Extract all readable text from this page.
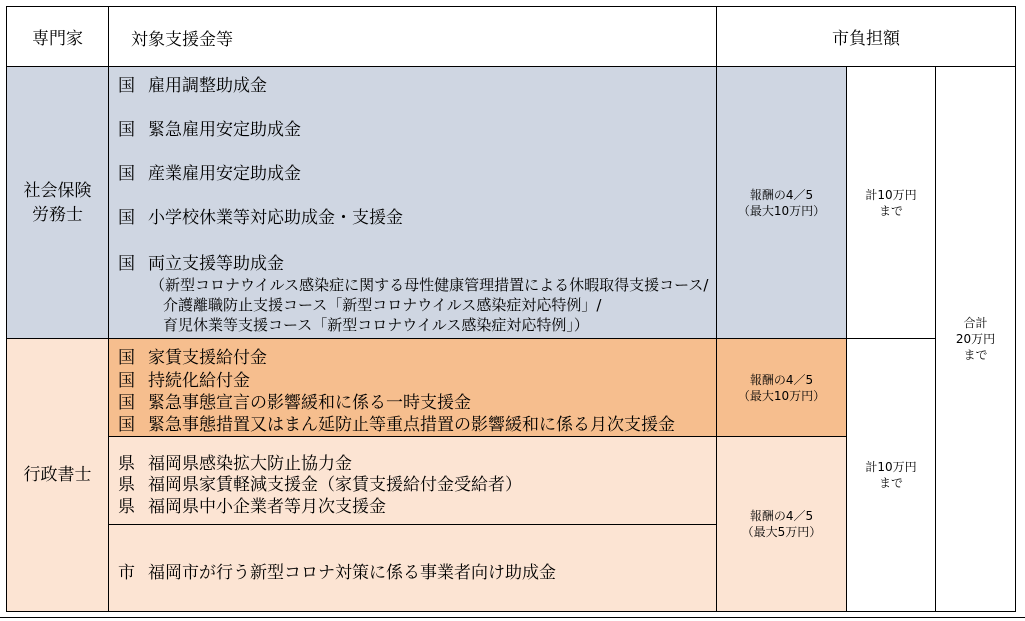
専門家	対象支援金等	市負担額
社会保険
労務士
国 雇用調整助成金
国 緊急雇用安定助成金
国 産業雇用安定助成金
国 小学校休業等対応助成金・支援金
国 両立支援等助成金
（新型コロナウイルス感染症に関する母性健康管理措置による休暇取得支援コース/
介護離職防止支援コース「新型コロナウイルス感染症対応特例」/
育児休業等支援コース「新型コロナウイルス感染症対応特例」）
報酬の4／5
（最大10万円）
計10万円
まで
行政書士
国 家賃支援給付金
国 持続化給付金
国 緊急事態宣言の影響緩和に係る一時支援金
国 緊急事態措置又はまん延防止等重点措置の影響緩和に係る月次支援金
報酬の4／5
（最大10万円）
県 福岡県感染拡大防止協力金
県 福岡県家賃軽減支援金（家賃支援給付金受給者）
県 福岡県中小企業者等月次支援金
市 福岡市が行う新型コロナ対策に係る事業者向け助成金
報酬の4／5
（最大5万円）
計10万円
まで
合計
20万円
まで
